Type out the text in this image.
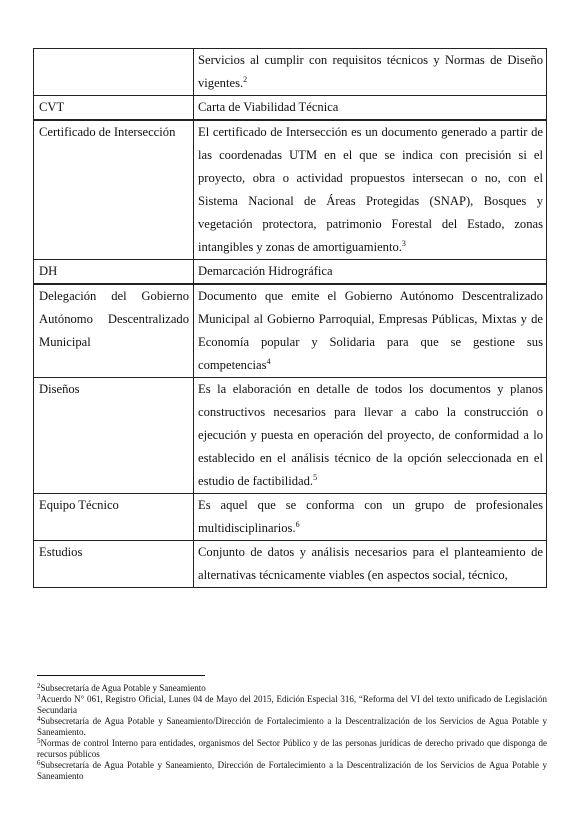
	Servicios al cumplir con requisitos técnicos y Normas de Diseño vigentes.$^2$
CVT	Carta de Viabilidad Técnica
Certificado de Intersección	El certificado de Intersección es un documento generado a partir de las coordenadas UTM en el que se indica con precisión si el proyecto, obra o actividad propuestos intersecan o no, con el Sistema Nacional de Áreas Protegidas (SNAP), Bosques y vegetación protectora, patrimonio Forestal del Estado, zonas intangibles y zonas de amortiguamiento.$^3$
DH	Demarcación Hidrográfica

Delegación del Gobierno
Autónomo Descentralizado
Municipal	Documento que emite el Gobierno Autónomo Descentralizado Municipal al Gobierno Parroquial, Empresas Públicas, Mixtas y de Economía popular y Solidaria para que se gestione sus competencias$^4$
Diseños	Es la elaboración en detalle de todos los documentos y planos constructivos necesarios para llevar a cabo la construcción o ejecución y puesta en operación del proyecto, de conformidad a lo establecido en el análisis técnico de la opción seleccionada en el estudio de factibilidad.$^5$
Equipo Técnico	Es aquel que se conforma con un grupo de profesionales multidisciplinarios.$^6$
Estudios	Conjunto de datos y análisis necesarios para el planteamiento de alternativas técnicamente viables (en aspectos social, técnico,
$^2$Subsecretaría de Agua Potable y Saneamiento
$^3$Acuerdo N° 061, Registro Oficial, Lunes 04 de Mayo del 2015, Edición Especial 316, “Reforma del VI del texto unificado de Legislación Secundaria
$^4$Subsecretaría de Agua Potable y Saneamiento/Dirección de Fortalecimiento a la Descentralización de los Servicios de Agua Potable y Saneamiento.
$^5$Normas de control Interno para entidades, organismos del Sector Público y de las personas jurídicas de derecho privado que disponga de recursos públicos
$^6$Subsecretaría de Agua Potable y Saneamiento, Dirección de Fortalecimiento a la Descentralización de los Servicios de Agua Potable y Saneamiento
